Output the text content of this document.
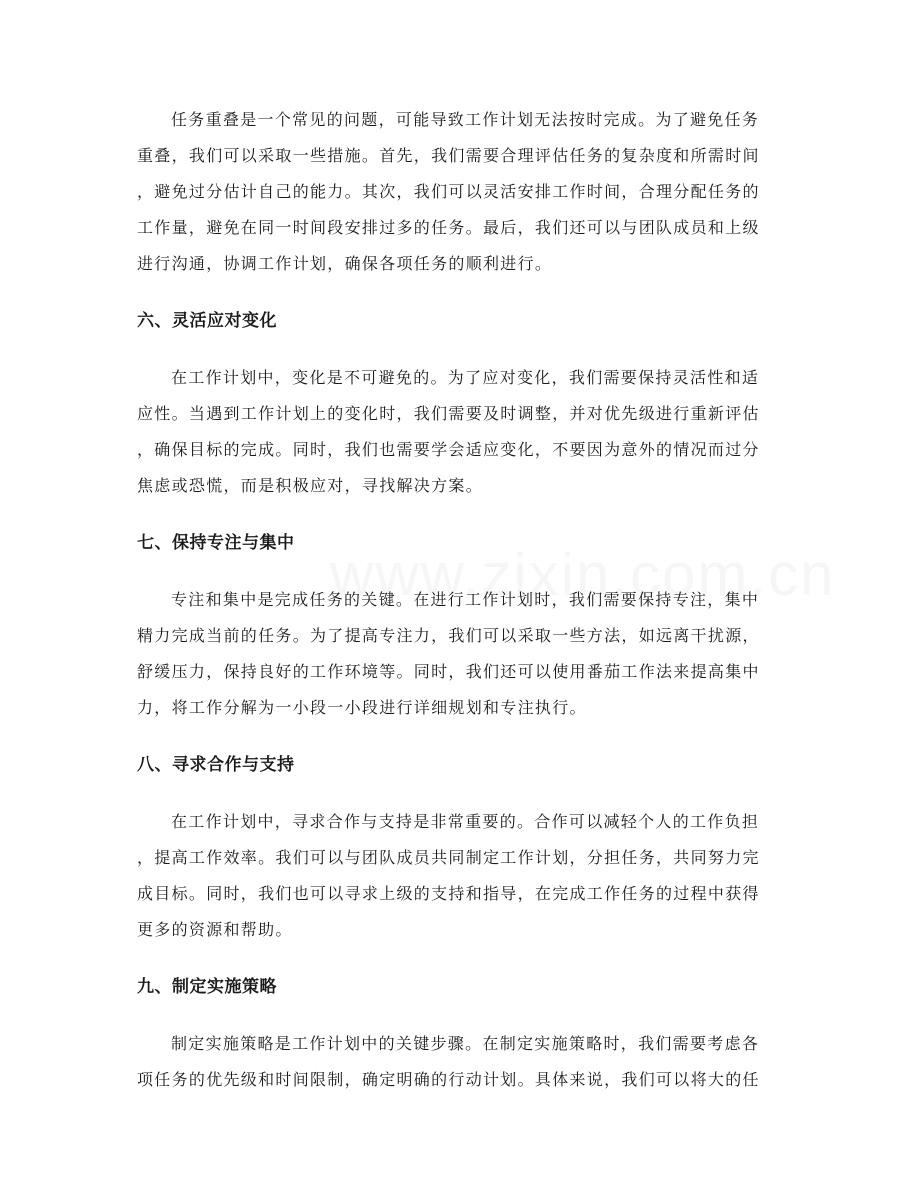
任务重叠是一个常见的问题，可能导致工作计划无法按时完成。为了避免任务
重叠，我们可以采取一些措施。首先，我们需要合理评估任务的复杂度和所需时间
，避免过分估计自己的能力。其次，我们可以灵活安排工作时间，合理分配任务的
工作量，避免在同一时间段安排过多的任务。最后，我们还可以与团队成员和上级
进行沟通，协调工作计划，确保各项任务的顺利进行。

六、灵活应对变化

在工作计划中，变化是不可避免的。为了应对变化，我们需要保持灵活性和适
应性。当遇到工作计划上的变化时，我们需要及时调整，并对优先级进行重新评估
，确保目标的完成。同时，我们也需要学会适应变化，不要因为意外的情况而过分
焦虑或恐慌，而是积极应对，寻找解决方案。

七、保持专注与集中

专注和集中是完成任务的关键。在进行工作计划时，我们需要保持专注，集中
精力完成当前的任务。为了提高专注力，我们可以采取一些方法，如远离干扰源，
舒缓压力，保持良好的工作环境等。同时，我们还可以使用番茄工作法来提高集中
力，将工作分解为一小段一小段进行详细规划和专注执行。

八、寻求合作与支持

在工作计划中，寻求合作与支持是非常重要的。合作可以减轻个人的工作负担
，提高工作效率。我们可以与团队成员共同制定工作计划，分担任务，共同努力完
成目标。同时，我们也可以寻求上级的支持和指导，在完成工作任务的过程中获得
更多的资源和帮助。

九、制定实施策略

制定实施策略是工作计划中的关键步骤。在制定实施策略时，我们需要考虑各
项任务的优先级和时间限制，确定明确的行动计划。具体来说，我们可以将大的任
